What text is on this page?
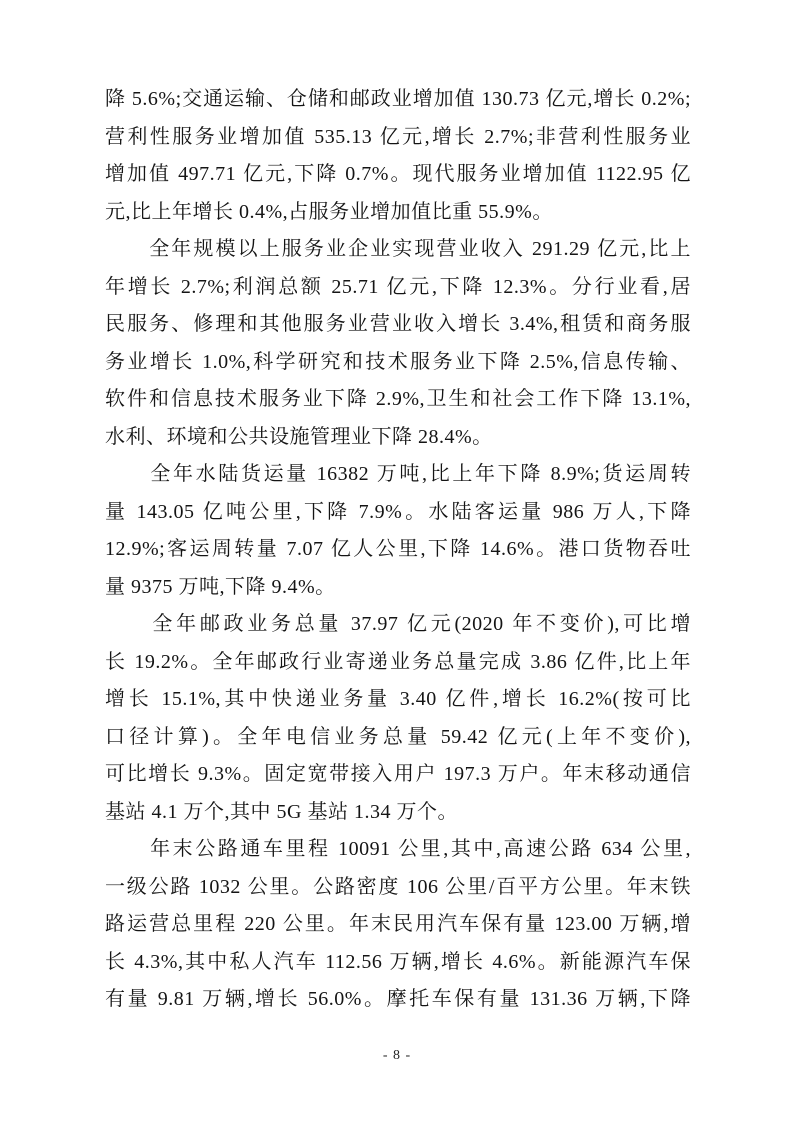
降 5.6%;交通运输、仓储和邮政业增加值 130.73 亿元,增长 0.2%;
营利性服务业增加值 535.13 亿元,增长 2.7%;非营利性服务业
增加值 497.71 亿元,下降 0.7%。现代服务业增加值 1122.95 亿
元,比上年增长 0.4%,占服务业增加值比重 55.9%。
　　全年规模以上服务业企业实现营业收入 291.29 亿元,比上
年增长 2.7%;利润总额 25.71 亿元,下降 12.3%。分行业看,居
民服务、修理和其他服务业营业收入增长 3.4%,租赁和商务服
务业增长 1.0%,科学研究和技术服务业下降 2.5%,信息传输、
软件和信息技术服务业下降 2.9%,卫生和社会工作下降 13.1%,
水利、环境和公共设施管理业下降 28.4%。
　　全年水陆货运量 16382 万吨,比上年下降 8.9%;货运周转
量 143.05 亿吨公里,下降 7.9%。水陆客运量 986 万人,下降
12.9%;客运周转量 7.07 亿人公里,下降 14.6%。港口货物吞吐
量 9375 万吨,下降 9.4%。
　　全年邮政业务总量 37.97 亿元(2020 年不变价),可比增
长 19.2%。全年邮政行业寄递业务总量完成 3.86 亿件,比上年
增长 15.1%,其中快递业务量 3.40 亿件,增长 16.2%(按可比
口径计算)。全年电信业务总量 59.42 亿元(上年不变价),
可比增长 9.3%。固定宽带接入用户 197.3 万户。年末移动通信
基站 4.1 万个,其中 5G 基站 1.34 万个。
　　年末公路通车里程 10091 公里,其中,高速公路 634 公里,
一级公路 1032 公里。公路密度 106 公里/百平方公里。年末铁
路运营总里程 220 公里。年末民用汽车保有量 123.00 万辆,增
长 4.3%,其中私人汽车 112.56 万辆,增长 4.6%。新能源汽车保
有量 9.81 万辆,增长 56.0%。摩托车保有量 131.36 万辆,下降
- 8 -
